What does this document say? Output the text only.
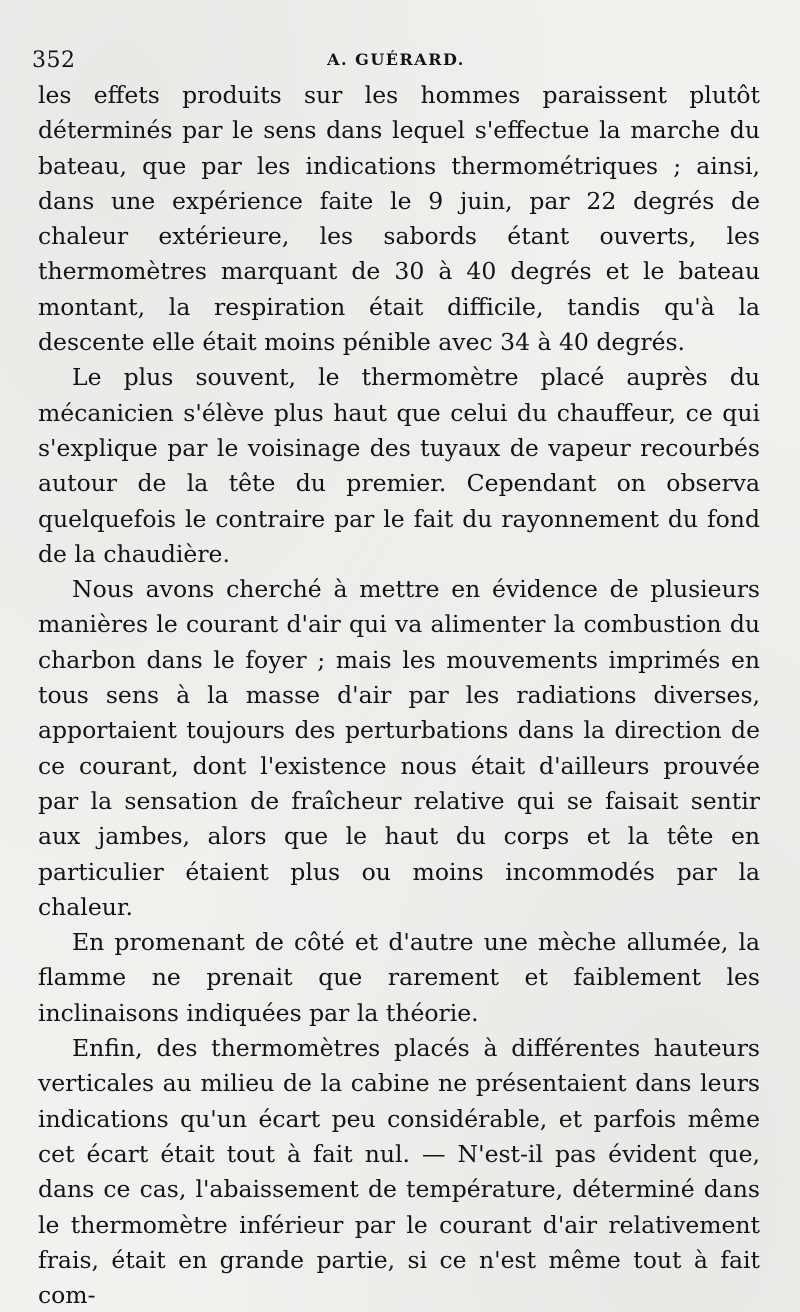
352	A. GUÉRARD.

les effets produits sur les hommes paraissent plutôt déterminés par le sens dans lequel s'effectue la marche du bateau, que par les indications thermométriques ; ainsi, dans une expérience faite le 9 juin, par 22 degrés de chaleur extérieure, les sabords étant ouverts, les thermomètres marquant de 30 à 40 degrés et le bateau montant, la respiration était difficile, tandis qu'à la descente elle était moins pénible avec 34 à 40 degrés.

Le plus souvent, le thermomètre placé auprès du mécanicien s'élève plus haut que celui du chauffeur, ce qui s'explique par le voisinage des tuyaux de vapeur recourbés autour de la tête du premier. Cependant on observa quelquefois le contraire par le fait du rayonnement du fond de la chaudière.

Nous avons cherché à mettre en évidence de plusieurs manières le courant d'air qui va alimenter la combustion du charbon dans le foyer ; mais les mouvements imprimés en tous sens à la masse d'air par les radiations diverses, apportaient toujours des perturbations dans la direction de ce courant, dont l'existence nous était d'ailleurs prouvée par la sensation de fraîcheur relative qui se faisait sentir aux jambes, alors que le haut du corps et la tête en particulier étaient plus ou moins incommodés par la chaleur.

En promenant de côté et d'autre une mèche allumée, la flamme ne prenait que rarement et faiblement les inclinaisons indiquées par la théorie.

Enfin, des thermomètres placés à différentes hauteurs verticales au milieu de la cabine ne présentaient dans leurs indications qu'un écart peu considérable, et parfois même cet écart était tout à fait nul. — N'est-il pas évident que, dans ce cas, l'abaissement de température, déterminé dans le thermomètre inférieur par le courant d'air relativement frais, était en grande partie, si ce n'est même tout à fait com-
